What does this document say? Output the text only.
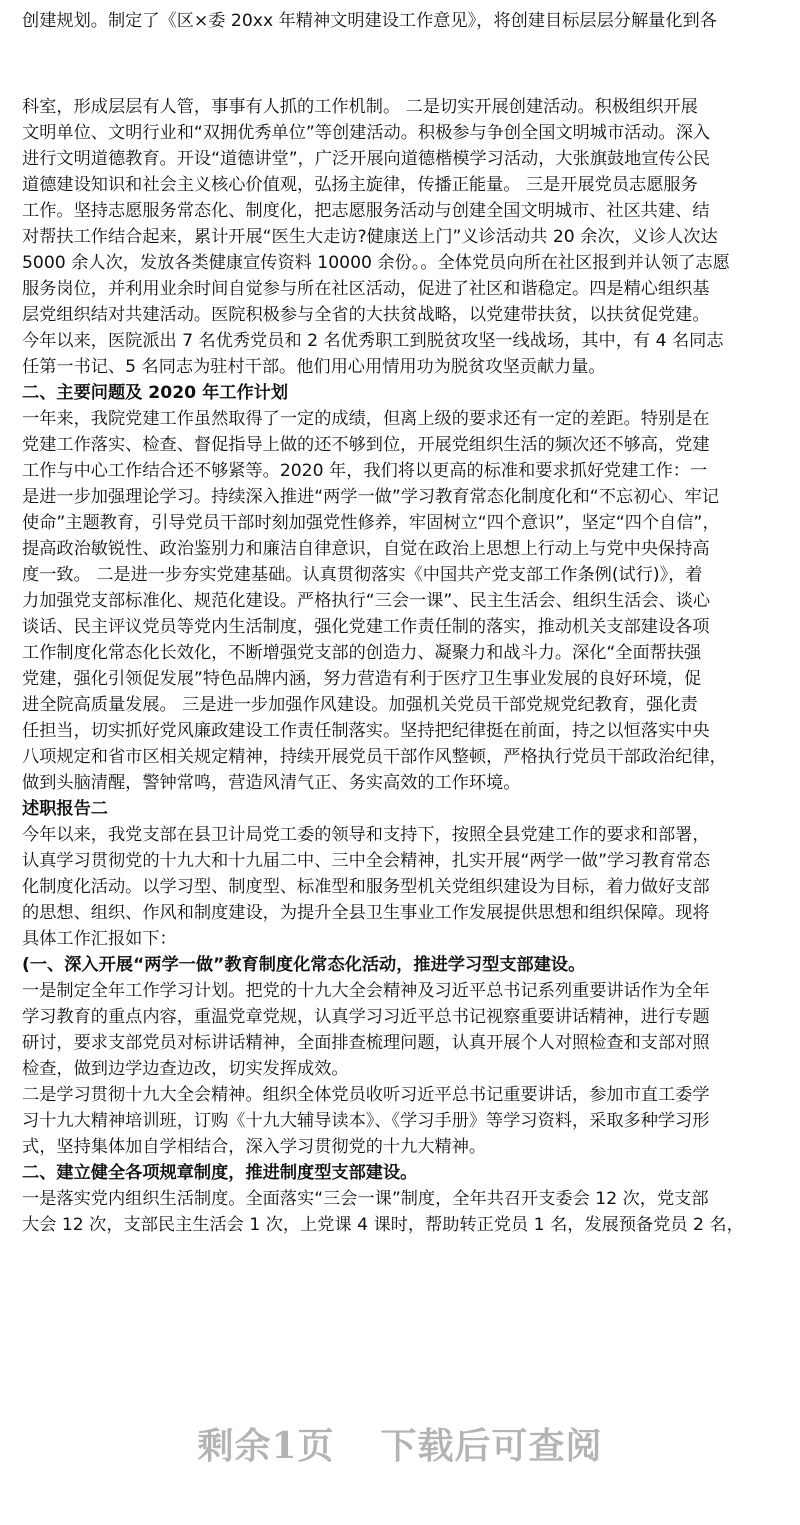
创建规划。制定了《区×委 20xx 年精神文明建设工作意见》，将创建目标层层分解量化到各
科室，形成层层有人管，事事有人抓的工作机制。 二是切实开展创建活动。积极组织开展
文明单位、文明行业和“双拥优秀单位”等创建活动。积极参与争创全国文明城市活动。深入
进行文明道德教育。开设“道德讲堂”，广泛开展向道德楷模学习活动，大张旗鼓地宣传公民
道德建设知识和社会主义核心价值观，弘扬主旋律，传播正能量。 三是开展党员志愿服务
工作。坚持志愿服务常态化、制度化，把志愿服务活动与创建全国文明城市、社区共建、结
对帮扶工作结合起来，累计开展“医生大走访?健康送上门”义诊活动共 20 余次，义诊人次达
5000 余人次，发放各类健康宣传资料 10000 余份。。全体党员向所在社区报到并认领了志愿
服务岗位，并利用业余时间自觉参与所在社区活动，促进了社区和谐稳定。四是精心组织基
层党组织结对共建活动。医院积极参与全省的大扶贫战略，以党建带扶贫，以扶贫促党建。
今年以来，医院派出 7 名优秀党员和 2 名优秀职工到脱贫攻坚一线战场，其中，有 4 名同志
任第一书记、5 名同志为驻村干部。他们用心用情用功为脱贫攻坚贡献力量。
二、主要问题及 2020 年工作计划
一年来，我院党建工作虽然取得了一定的成绩，但离上级的要求还有一定的差距。特别是在
党建工作落实、检查、督促指导上做的还不够到位，开展党组织生活的频次还不够高，党建
工作与中心工作结合还不够紧等。2020 年，我们将以更高的标准和要求抓好党建工作：一
是进一步加强理论学习。持续深入推进“两学一做”学习教育常态化制度化和“不忘初心、牢记
使命”主题教育，引导党员干部时刻加强党性修养，牢固树立“四个意识”，坚定“四个自信”，
提高政治敏锐性、政治鉴别力和廉洁自律意识，自觉在政治上思想上行动上与党中央保持高
度一致。 二是进一步夯实党建基础。认真贯彻落实《中国共产党支部工作条例(试行)》，着
力加强党支部标准化、规范化建设。严格执行“三会一课”、民主生活会、组织生活会、谈心
谈话、民主评议党员等党内生活制度，强化党建工作责任制的落实，推动机关支部建设各项
工作制度化常态化长效化，不断增强党支部的创造力、凝聚力和战斗力。深化“全面帮扶强
党建，强化引领促发展”特色品牌内涵，努力营造有利于医疗卫生事业发展的良好环境，促
进全院高质量发展。 三是进一步加强作风建设。加强机关党员干部党规党纪教育，强化责
任担当，切实抓好党风廉政建设工作责任制落实。坚持把纪律挺在前面，持之以恒落实中央
八项规定和省市区相关规定精神，持续开展党员干部作风整顿，严格执行党员干部政治纪律，
做到头脑清醒，警钟常鸣，营造风清气正、务实高效的工作环境。
述职报告二
今年以来，我党支部在县卫计局党工委的领导和支持下，按照全县党建工作的要求和部署，
认真学习贯彻党的十九大和十九届二中、三中全会精神，扎实开展“两学一做”学习教育常态
化制度化活动。以学习型、制度型、标准型和服务型机关党组织建设为目标，着力做好支部
的思想、组织、作风和制度建设，为提升全县卫生事业工作发展提供思想和组织保障。现将
具体工作汇报如下：
(一、深入开展“两学一做”教育制度化常态化活动，推进学习型支部建设。
一是制定全年工作学习计划。把党的十九大全会精神及习近平总书记系列重要讲话作为全年
学习教育的重点内容，重温党章党规，认真学习习近平总书记视察重要讲话精神，进行专题
研讨，要求支部党员对标讲话精神，全面排查梳理问题，认真开展个人对照检查和支部对照
检查，做到边学边查边改，切实发挥成效。
二是学习贯彻十九大全会精神。组织全体党员收听习近平总书记重要讲话，参加市直工委学
习十九大精神培训班，订购《十九大辅导读本》、《学习手册》等学习资料，采取多种学习形
式，坚持集体加自学相结合，深入学习贯彻党的十九大精神。
二、建立健全各项规章制度，推进制度型支部建设。
一是落实党内组织生活制度。全面落实“三会一课”制度，全年共召开支委会 12 次，党支部
大会 12 次，支部民主生活会 1 次，上党课 4 课时，帮助转正党员 1 名，发展预备党员 2 名，
剩余1页 下载后可查阅
